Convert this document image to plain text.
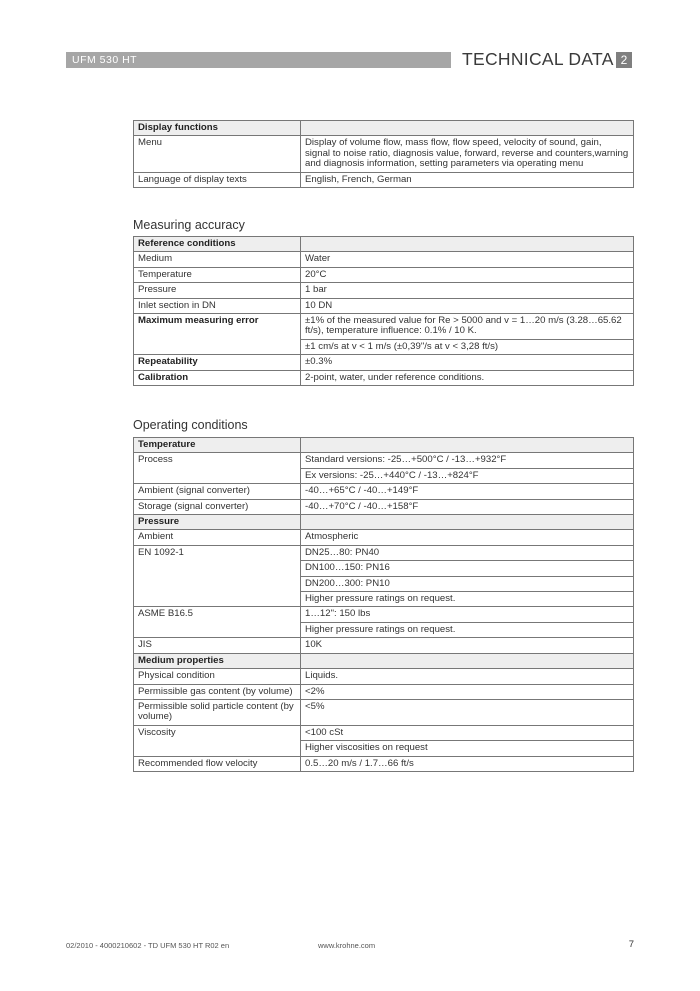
UFM 530 HT	TECHNICAL DATA 2
Display functions	
Menu	Display of volume flow, mass flow, flow speed, velocity of sound, gain, signal to noise ratio, diagnosis value, forward, reverse and counters,warning and diagnosis information, setting parameters via operating menu
Language of display texts	English, French, German
Measuring accuracy
Reference conditions	
Medium	Water
Temperature	20°C
Pressure	1 bar
Inlet section in DN	10 DN
Maximum measuring error	±1% of the measured value for Re > 5000 and v = 1…20 m/s (3.28…65.62 ft/s), temperature influence: 0.1% / 10 K.
	±1 cm/s at v < 1 m/s (±0,39"/s at v < 3,28 ft/s)
Repeatability	±0.3%
Calibration	2-point, water, under reference conditions.
Operating conditions
Temperature	
Process	Standard versions: -25…+500°C / -13…+932°F
	Ex versions: -25…+440°C / -13…+824°F
Ambient (signal converter)	-40…+65°C / -40…+149°F
Storage (signal converter)	-40…+70°C / -40…+158°F
Pressure	
Ambient	Atmospheric
EN 1092-1	DN25…80: PN40
	DN100…150: PN16
	DN200…300: PN10
	Higher pressure ratings on request.
ASME B16.5	1…12": 150 lbs
	Higher pressure ratings on request.
JIS	10K
Medium properties	
Physical condition	Liquids.
Permissible gas content (by volume)	<2%
Permissible solid particle content (by volume)	<5%
Viscosity	<100 cSt
	Higher viscosities on request
Recommended flow velocity	0.5…20 m/s / 1.7…66 ft/s
02/2010 - 4000210602 - TD UFM 530 HT R02 en	www.krohne.com	7
